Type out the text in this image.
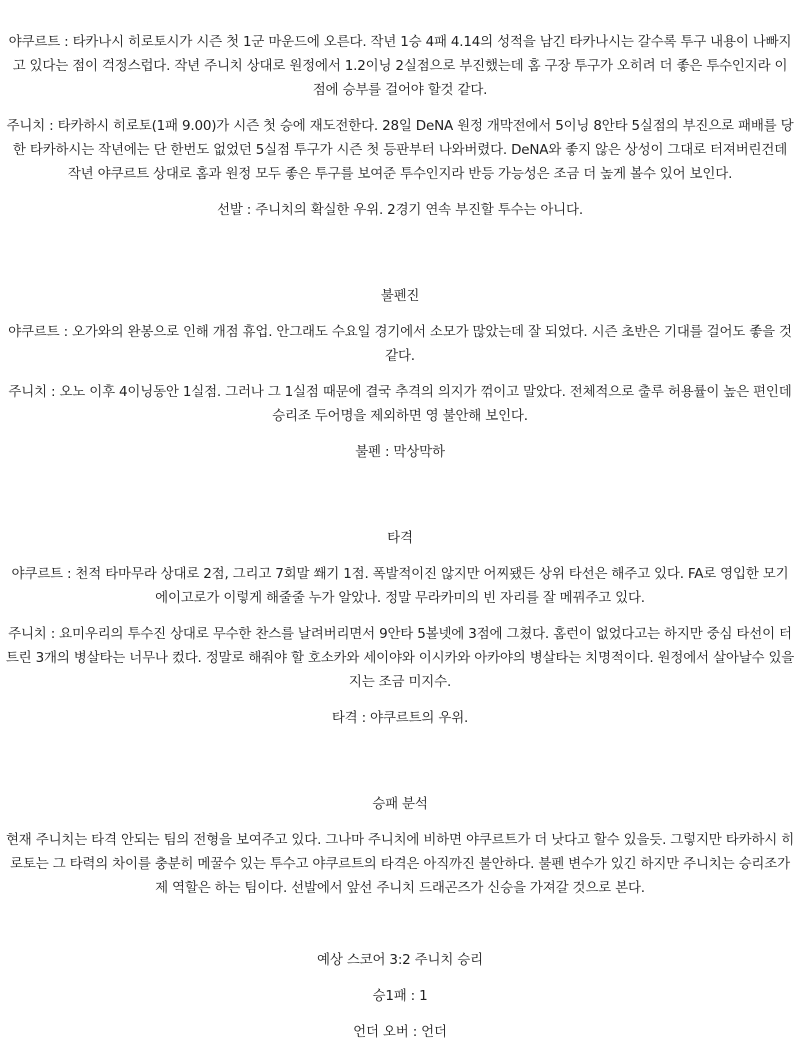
야쿠르트 : 타카나시 히로토시가 시즌 첫 1군 마운드에 오른다. 작년 1승 4패 4.14의 성적을 남긴 타카나시는 갈수록 투구 내용이 나빠지고 있다는 점이 걱정스럽다. 작년 주니치 상대로 원정에서 1.2이닝 2실점으로 부진했는데 홈 구장 투구가 오히려 더 좋은 투수인지라 이 점에 승부를 걸어야 할것 같다.

주니치 : 타카하시 히로토(1패 9.00)가 시즌 첫 승에 재도전한다. 28일 DeNA 원정 개막전에서 5이닝 8안타 5실점의 부진으로 패배를 당한 타카하시는 작년에는 단 한번도 없었던 5실점 투구가 시즌 첫 등판부터 나와버렸다. DeNA와 좋지 않은 상성이 그대로 터져버린건데 작년 야쿠르트 상대로 홈과 원정 모두 좋은 투구를 보여준 투수인지라 반등 가능성은 조금 더 높게 볼수 있어 보인다.

선발 : 주니치의 확실한 우위. 2경기 연속 부진할 투수는 아니다.

불펜진

야쿠르트 : 오가와의 완봉으로 인해 개점 휴업. 안그래도 수요일 경기에서 소모가 많았는데 잘 되었다. 시즌 초반은 기대를 걸어도 좋을 것 같다.

주니치 : 오노 이후 4이닝동안 1실점. 그러나 그 1실점 때문에 결국 추격의 의지가 꺾이고 말았다. 전체적으로 출루 허용률이 높은 편인데 승리조 두어명을 제외하면 영 불안해 보인다.

불펜 : 막상막하

타격

야쿠르트 : 천적 타마무라 상대로 2점, 그리고 7회말 쐐기 1점. 폭발적이진 않지만 어찌됐든 상위 타선은 해주고 있다. FA로 영입한 모기 에이고로가 이렇게 해줄줄 누가 알았나. 정말 무라카미의 빈 자리를 잘 메꿔주고 있다.

주니치 : 요미우리의 투수진 상대로 무수한 찬스를 날려버리면서 9안타 5볼넷에 3점에 그쳤다. 홈런이 없었다고는 하지만 중심 타선이 터트린 3개의 병살타는 너무나 컸다. 정말로 해줘야 할 호소카와 세이야와 이시카와 아카야의 병살타는 치명적이다. 원정에서 살아날수 있을지는 조금 미지수.

타격 : 야쿠르트의 우위.

승패 분석

현재 주니치는 타격 안되는 팀의 전형을 보여주고 있다. 그나마 주니치에 비하면 야쿠르트가 더 낫다고 할수 있을듯. 그렇지만 타카하시 히로토는 그 타력의 차이를 충분히 메꿀수 있는 투수고 야쿠르트의 타격은 아직까진 불안하다. 불펜 변수가 있긴 하지만 주니치는 승리조가 제 역할은 하는 팀이다. 선발에서 앞선 주니치 드래곤즈가 신승을 가져갈 것으로 본다.

예상 스코어 3:2 주니치 승리

승1패 : 1

언더 오버 : 언더
